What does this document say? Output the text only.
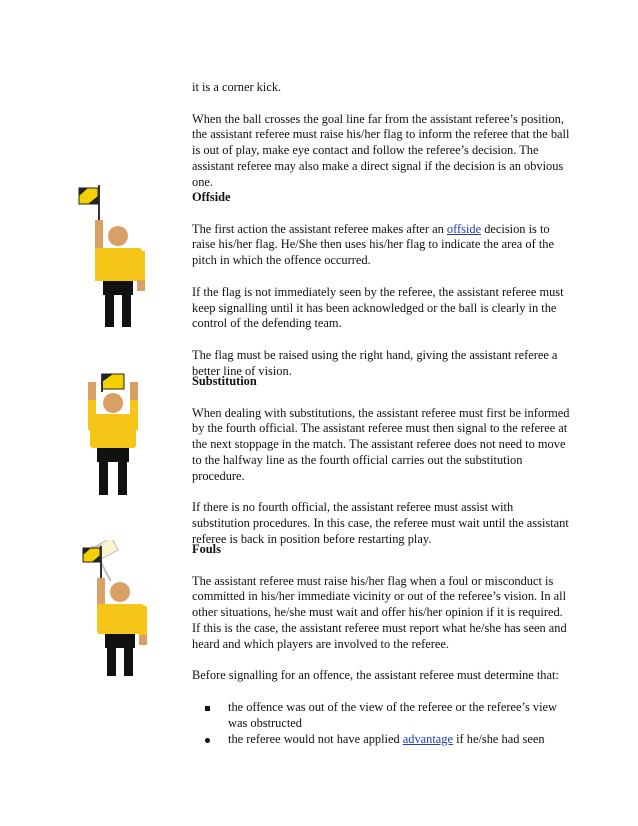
it is a corner kick.

When the ball crosses the goal line far from the assistant referee’s position, the assistant referee must raise his/her flag to inform the referee that the ball is out of play, make eye contact and follow the referee’s decision. The assistant referee may also make a direct signal if the decision is an obvious one.

Offside

The first action the assistant referee makes after an offside decision is to raise his/her flag. He/She then uses his/her flag to indicate the area of the pitch in which the offence occurred.

If the flag is not immediately seen by the referee, the assistant referee must keep signalling until it has been acknowledged or the ball is clearly in the control of the defending team.

The flag must be raised using the right hand, giving the assistant referee a better line of vision.

Substitution

When dealing with substitutions, the assistant referee must first be informed by the fourth official. The assistant referee must then signal to the referee at the next stoppage in the match. The assistant referee does not need to move to the halfway line as the fourth official carries out the substitution procedure.

If there is no fourth official, the assistant referee must assist with substitution procedures. In this case, the referee must wait until the assistant referee is back in position before restarting play.

Fouls

The assistant referee must raise his/her flag when a foul or misconduct is committed in his/her immediate vicinity or out of the referee’s vision. In all other situations, he/she must wait and offer his/her opinion if it is required. If this is the case, the assistant referee must report what he/she has seen and heard and which players are involved to the referee.

Before signalling for an offence, the assistant referee must determine that:

the offence was out of the view of the referee or the referee’s view was obstructed
the referee would not have applied advantage if he/she had seen
